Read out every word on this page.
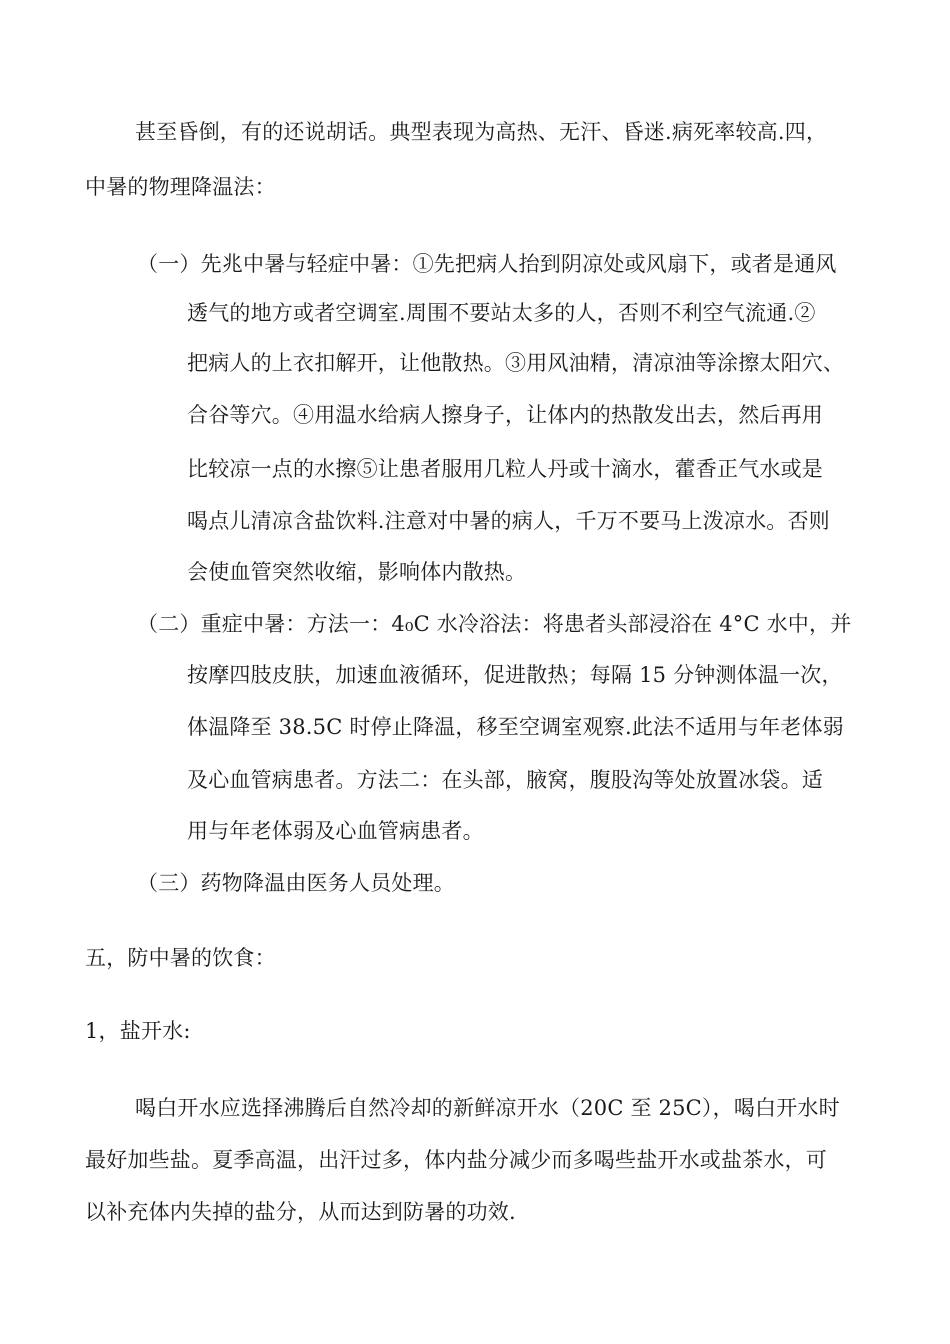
甚至昏倒，有的还说胡话。典型表现为高热、无汗、昏迷.病死率较高.四，
中暑的物理降温法：
（一）先兆中暑与轻症中暑：①先把病人抬到阴凉处或风扇下，或者是通风
透气的地方或者空调室.周围不要站太多的人，否则不利空气流通.②
把病人的上衣扣解开，让他散热。③用风油精，清凉油等涂擦太阳穴、
合谷等穴。④用温水给病人擦身子，让体内的热散发出去，然后再用
比较凉一点的水擦⑤让患者服用几粒人丹或十滴水，藿香正气水或是
喝点儿清凉含盐饮料.注意对中暑的病人，千万不要马上泼凉水。否则
会使血管突然收缩，影响体内散热。
（二）重症中暑：方法一：4₀C 水冷浴法：将患者头部浸浴在 4°C 水中，并
按摩四肢皮肤，加速血液循环，促进散热；每隔 15 分钟测体温一次，
体温降至 38.5C 时停止降温，移至空调室观察.此法不适用与年老体弱
及心血管病患者。方法二：在头部，腋窝，腹股沟等处放置冰袋。适
用与年老体弱及心血管病患者。
（三）药物降温由医务人员处理。
五，防中暑的饮食：
1，盐开水:
喝白开水应选择沸腾后自然冷却的新鲜凉开水（20C 至 25C），喝白开水时
最好加些盐。夏季高温，出汗过多，体内盐分减少而多喝些盐开水或盐茶水，可
以补充体内失掉的盐分，从而达到防暑的功效.
